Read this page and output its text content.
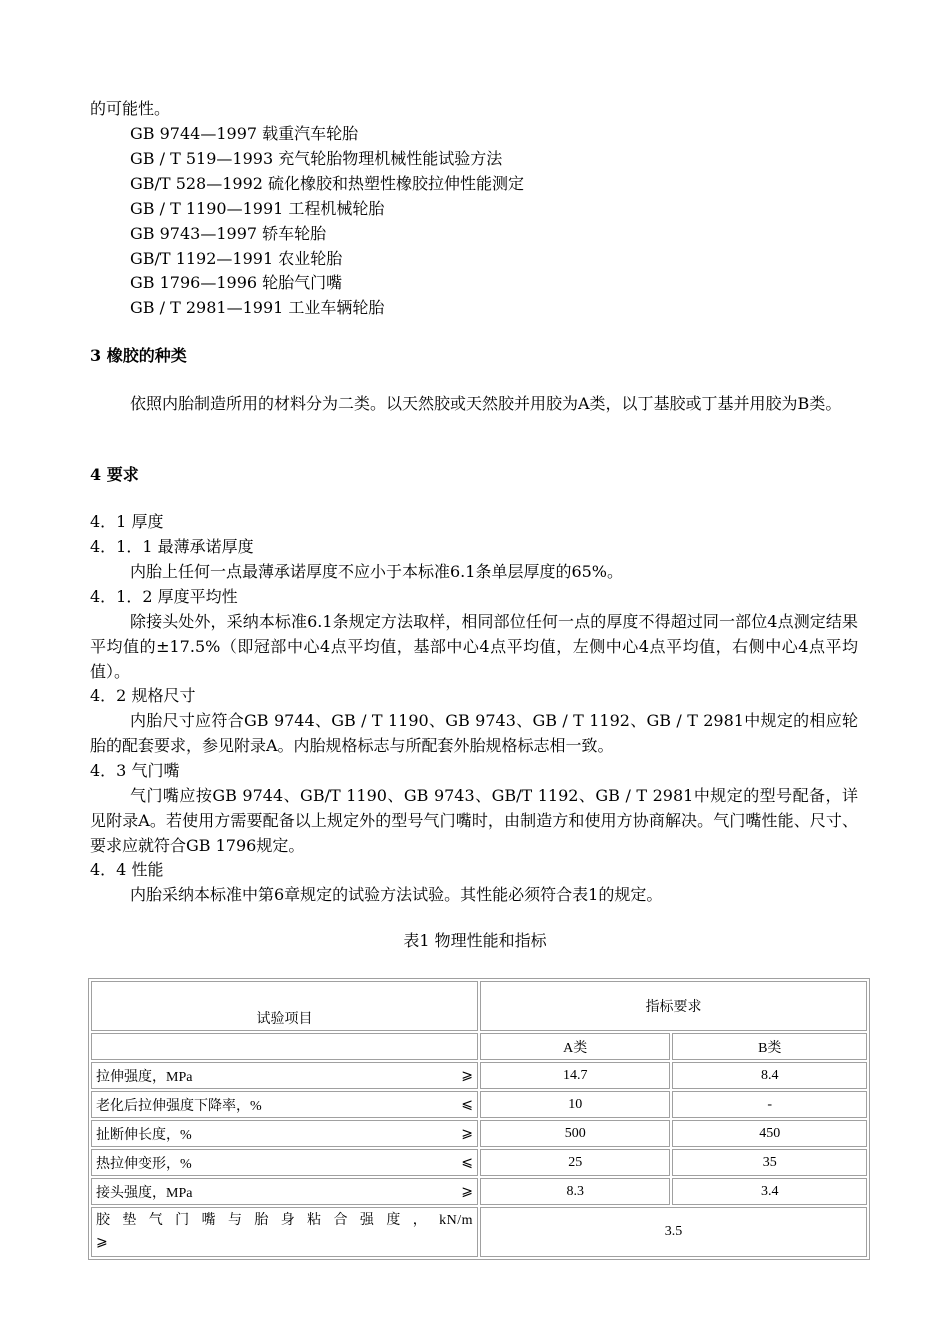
的可能性。
GB 9744—1997 载重汽车轮胎
GB / T 519—1993 充气轮胎物理机械性能试验方法
GB/T 528—1992 硫化橡胶和热塑性橡胶拉伸性能测定
GB / T 1190—1991 工程机械轮胎
GB 9743—1997 轿车轮胎
GB/T 1192—1991 农业轮胎
GB 1796—1996 轮胎气门嘴
GB / T 2981—1991 工业车辆轮胎
3 橡胶的种类
依照内胎制造所用的材料分为二类。以天然胶或天然胶并用胶为A类，以丁基胶或丁基并用胶为B类。
4 要求
4．1 厚度
4．1．1 最薄承诺厚度
内胎上任何一点最薄承诺厚度不应小于本标准6.1条单层厚度的65%。
4．1．2 厚度平均性
除接头处外，采纳本标准6.1条规定方法取样，相同部位任何一点的厚度不得超过同一部位4点测定结果平均值的±17.5%（即冠部中心4点平均值，基部中心4点平均值，左侧中心4点平均值，右侧中心4点平均值）。
4．2 规格尺寸
内胎尺寸应符合GB 9744、GB / T 1190、GB 9743、GB / T 1192、GB / T 2981中规定的相应轮胎的配套要求，参见附录A。内胎规格标志与所配套外胎规格标志相一致。
4．3 气门嘴
气门嘴应按GB 9744、GB/T 1190、GB 9743、GB/T 1192、GB / T 2981中规定的型号配备，详见附录A。若使用方需要配备以上规定外的型号气门嘴时，由制造方和使用方协商解决。气门嘴性能、尺寸、要求应就符合GB 1796规定。
4．4 性能
内胎采纳本标准中第6章规定的试验方法试验。其性能必须符合表1的规定。
表1 物理性能和指标
试验项目	指标要求	
	A类	B类
拉伸强度，MPa ⩾	14.7	8.4
老化后拉伸强度下降率，% ⩽	10	-
扯断伸长度，% ⩾	500	450
热拉伸变形，% ⩽	25	35
接头强度，MPa ⩾	8.3	3.4

胶垫气门嘴与胎身粘合强度，kN/m
⩾	3.5	
